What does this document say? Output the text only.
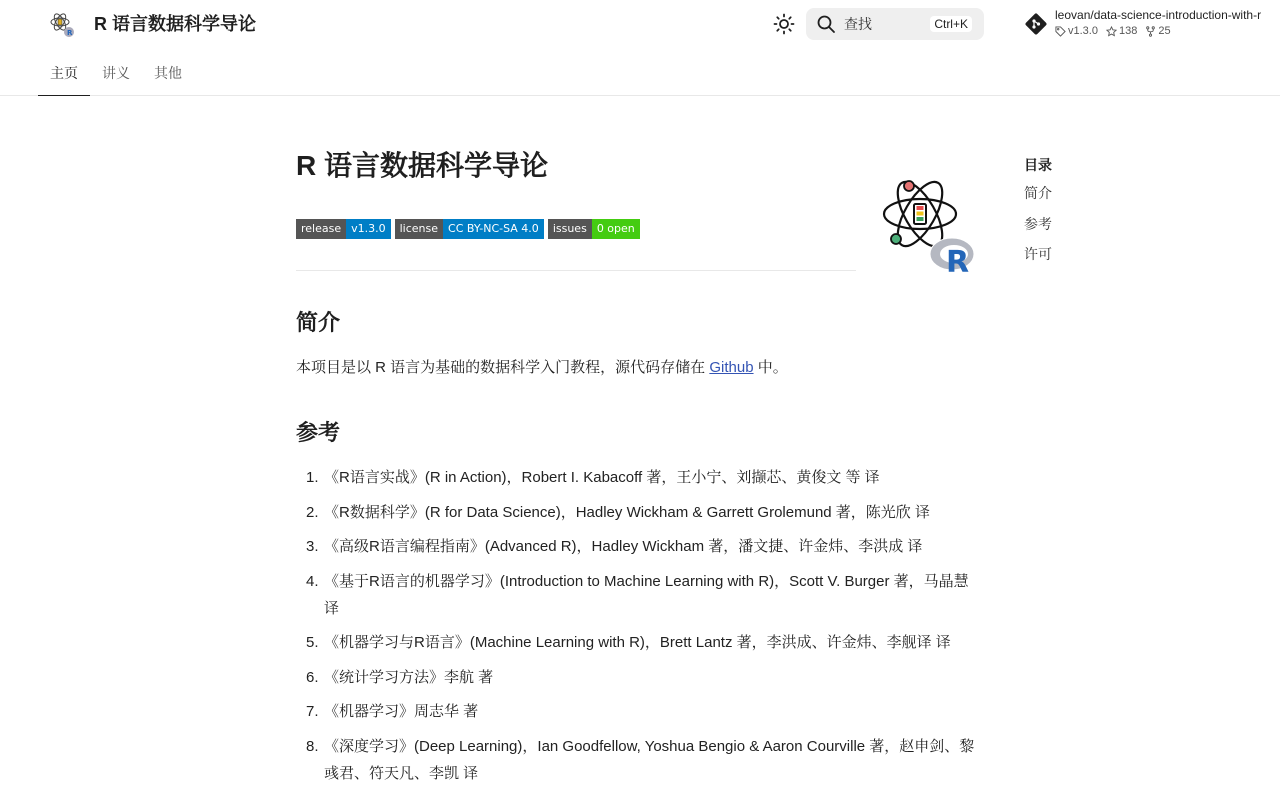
R R 语言数据科学导论	查找	Ctrl+K
leovan/data-science-introduction-with-r
v1.3.0 138 25
主页	讲义	其他
R 语言数据科学导论
release v1.3.0	license CC BY-NC-SA 4.0	issues 0 open
R
简介

本项目是以 R 语言为基础的数据科学入门教程，源代码存储在 Github 中。

参考
1. 《R语言实战》(R in Action)，Robert I. Kabacoff 著，王小宁、刘撷芯、黄俊文 等 译
2. 《R数据科学》(R for Data Science)，Hadley Wickham & Garrett Grolemund 著，陈光欣 译
3. 《高级R语言编程指南》(Advanced R)，Hadley Wickham 著，潘文捷、许金炜、李洪成 译
4. 《基于R语言的机器学习》(Introduction to Machine Learning with R)，Scott V. Burger 著，马晶慧 译
5. 《机器学习与R语言》(Machine Learning with R)，Brett Lantz 著，李洪成、许金炜、李舰译 译
6. 《统计学习方法》李航 著
7. 《机器学习》周志华 著
8. 《深度学习》(Deep Learning)，Ian Goodfellow, Yoshua Bengio & Aaron Courville 著，赵申剑、黎彧君、符天凡、李凯 译
目录
简介
参考
许可
